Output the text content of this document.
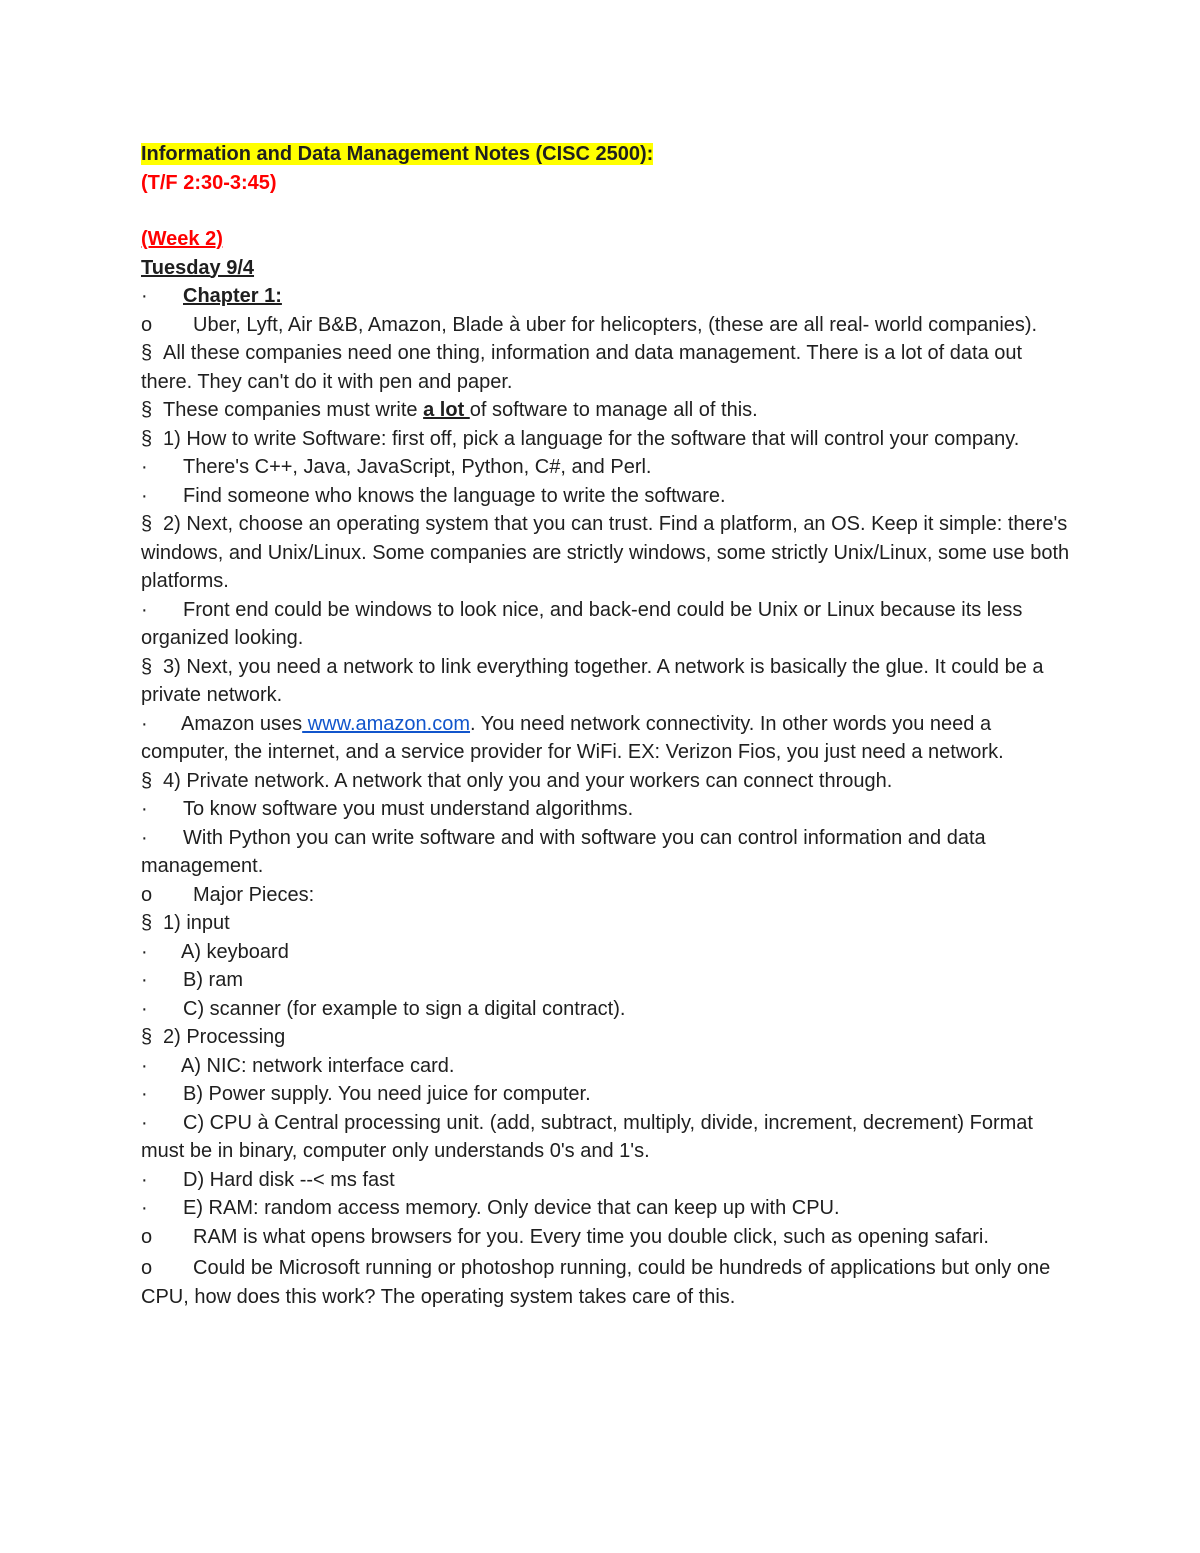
Information and Data Management Notes (CISC 2500):
(T/F 2:30-3:45)
(Week 2)
Tuesday 9/4
· Chapter 1:
o Uber, Lyft, Air B&B, Amazon, Blade à uber for helicopters, (these are all real- world companies).
§ All these companies need one thing, information and data management. There is a lot of data out there. They can't do it with pen and paper.
§ These companies must write a lot of software to manage all of this.
§ 1) How to write Software: first off, pick a language for the software that will control your company.
· There's C++, Java, JavaScript, Python, C#, and Perl.
· Find someone who knows the language to write the software.
§ 2) Next, choose an operating system that you can trust. Find a platform, an OS. Keep it simple: there's windows, and Unix/Linux. Some companies are strictly windows, some strictly Unix/Linux, some use both platforms.
· Front end could be windows to look nice, and back-end could be Unix or Linux because its less organized looking.
§ 3) Next, you need a network to link everything together. A network is basically the glue. It could be a private network.
· Amazon uses www.amazon.com. You need network connectivity. In other words you need a computer, the internet, and a service provider for WiFi. EX: Verizon Fios, you just need a network.
§ 4) Private network. A network that only you and your workers can connect through.
· To know software you must understand algorithms.
· With Python you can write software and with software you can control information and data management.
o Major Pieces:
§ 1) input
· A) keyboard
· B) ram
· C) scanner (for example to sign a digital contract).
§ 2) Processing
· A) NIC: network interface card.
· B) Power supply. You need juice for computer.
· C) CPU à Central processing unit. (add, subtract, multiply, divide, increment, decrement) Format must be in binary, computer only understands 0's and 1's.
· D) Hard disk --< ms fast
· E) RAM: random access memory. Only device that can keep up with CPU.
o RAM is what opens browsers for you. Every time you double click, such as opening safari.
o Could be Microsoft running or photoshop running, could be hundreds of applications but only one CPU, how does this work? The operating system takes care of this.
